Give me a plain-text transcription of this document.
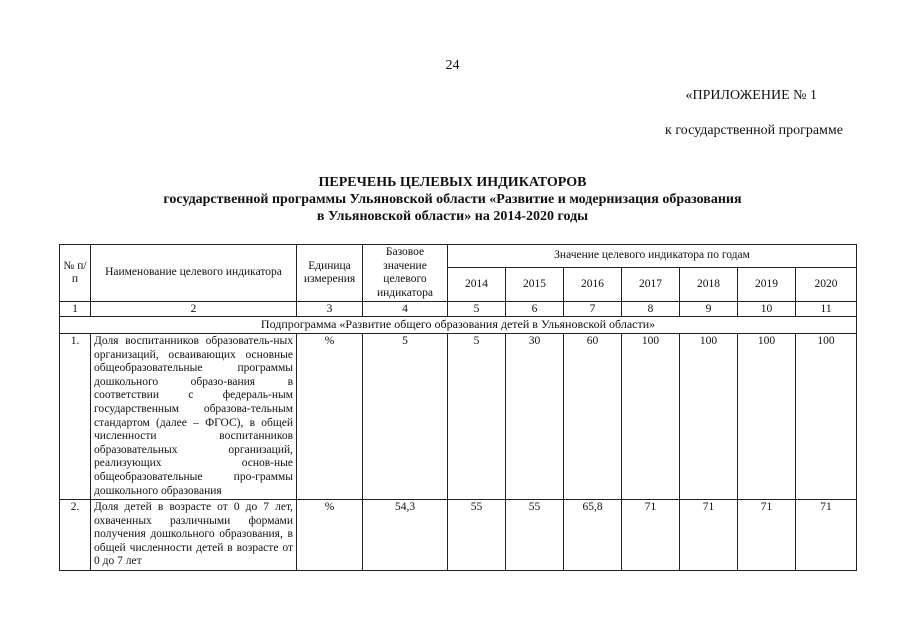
24
«ПРИЛОЖЕНИЕ № 1
к государственной программе
ПЕРЕЧЕНЬ ЦЕЛЕВЫХ ИНДИКАТОРОВ
государственной программы Ульяновской области «Развитие и модернизация образования
в Ульяновской области» на 2014-2020 годы
№ п/п	Наименование целевого индикатора	Единица измерения	Базовое значение целевого индикатора	Значение целевого индикатора по годам						
				2014	2015	2016	2017	2018	2019	2020
1	2	3	4	5	6	7	8	9	10	11
Подпрограмма «Развитие общего образования детей в Ульяновской области»										
1.	Доля воспитанников образователь-ных организаций, осваивающих основные общеобразовательные программы дошкольного образо-вания в соответствии с федераль-ным государственным образова-тельным стандартом (далее – ФГОС), в общей численности воспитанников образовательных организаций, реализующих основ-ные общеобразовательные про-граммы дошкольного образования	%	5	5	30	60	100	100	100	100
2.	Доля детей в возрасте от 0 до 7 лет, охваченных различными формами получения дошкольного образования, в общей численности детей в возрасте от 0 до 7 лет	%	54,3	55	55	65,8	71	71	71	71
